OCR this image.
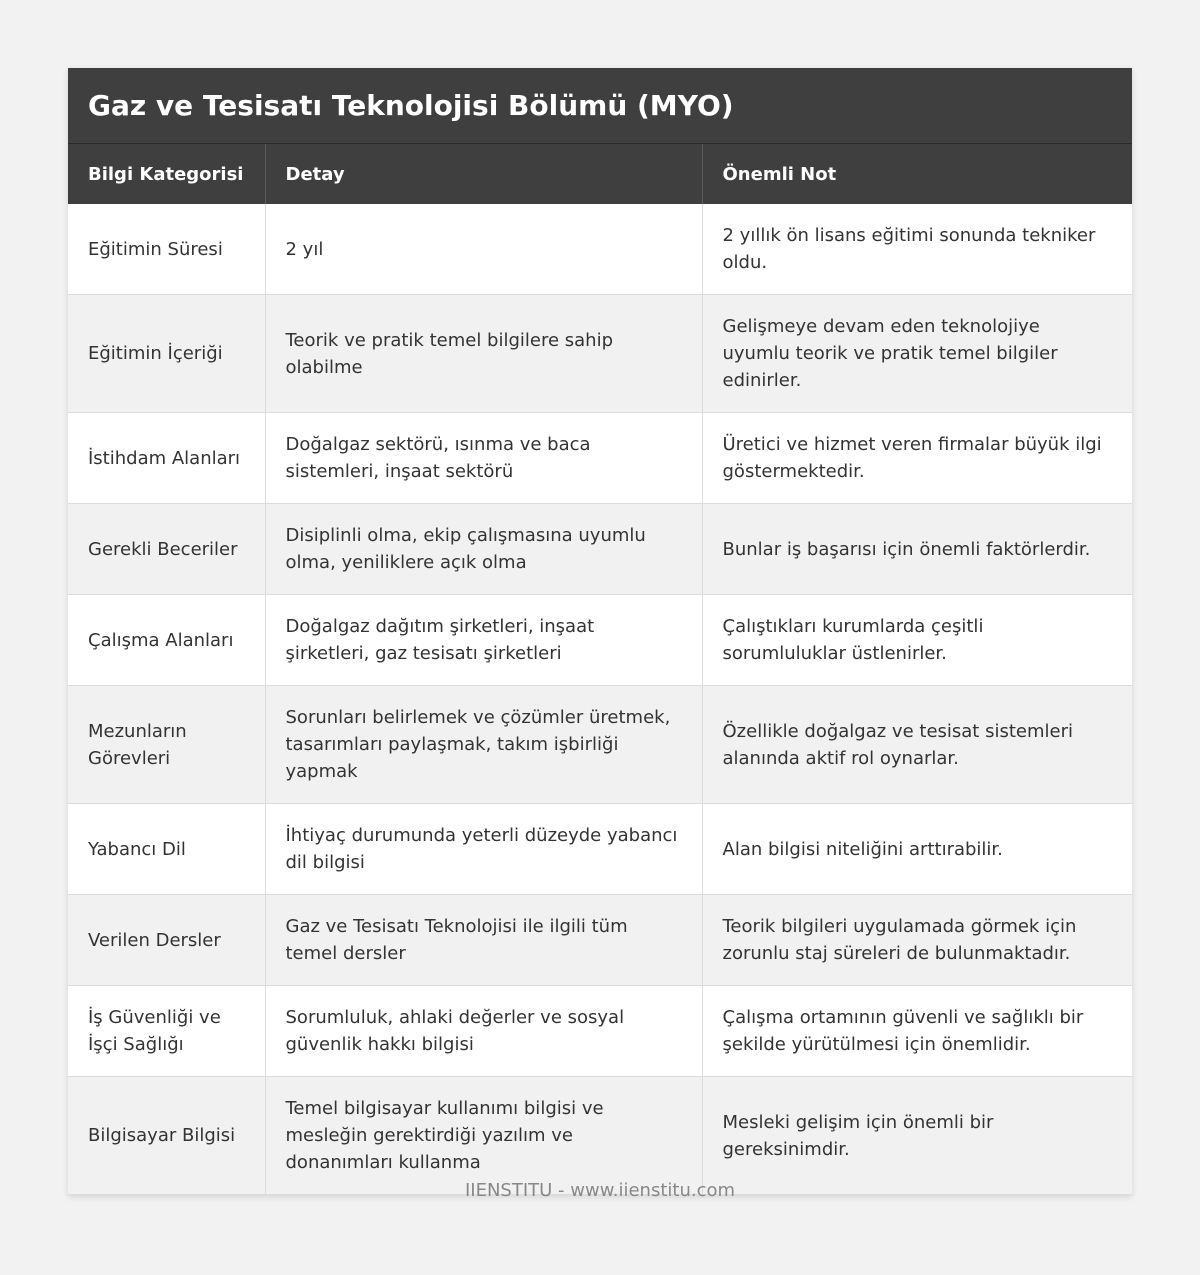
Gaz ve Tesisatı Teknolojisi Bölümü (MYO)
Bilgi Kategorisi	Detay	Önemli Not
Eğitimin Süresi	2 yıl	2 yıllık ön lisans eğitimi sonunda tekniker oldu.
Eğitimin İçeriği	Teorik ve pratik temel bilgilere sahip olabilme	Gelişmeye devam eden teknolojiye uyumlu teorik ve pratik temel bilgiler edinirler.
İstihdam Alanları	Doğalgaz sektörü, ısınma ve baca sistemleri, inşaat sektörü	Üretici ve hizmet veren firmalar büyük ilgi göstermektedir.
Gerekli Beceriler	Disiplinli olma, ekip çalışmasına uyumlu olma, yeniliklere açık olma	Bunlar iş başarısı için önemli faktörlerdir.
Çalışma Alanları	Doğalgaz dağıtım şirketleri, inşaat şirketleri, gaz tesisatı şirketleri	Çalıştıkları kurumlarda çeşitli sorumluluklar üstlenirler.
Mezunların Görevleri	Sorunları belirlemek ve çözümler üretmek, tasarımları paylaşmak, takım işbirliği yapmak	Özellikle doğalgaz ve tesisat sistemleri alanında aktif rol oynarlar.
Yabancı Dil	İhtiyaç durumunda yeterli düzeyde yabancı dil bilgisi	Alan bilgisi niteliğini arttırabilir.
Verilen Dersler	Gaz ve Tesisatı Teknolojisi ile ilgili tüm temel dersler	Teorik bilgileri uygulamada görmek için zorunlu staj süreleri de bulunmaktadır.
İş Güvenliği ve İşçi Sağlığı	Sorumluluk, ahlaki değerler ve sosyal güvenlik hakkı bilgisi	Çalışma ortamının güvenli ve sağlıklı bir şekilde yürütülmesi için önemlidir.
Bilgisayar Bilgisi	Temel bilgisayar kullanımı bilgisi ve mesleğin gerektirdiği yazılım ve donanımları kullanma	Mesleki gelişim için önemli bir gereksinimdir.
IIENSTITU - www.iienstitu.com
